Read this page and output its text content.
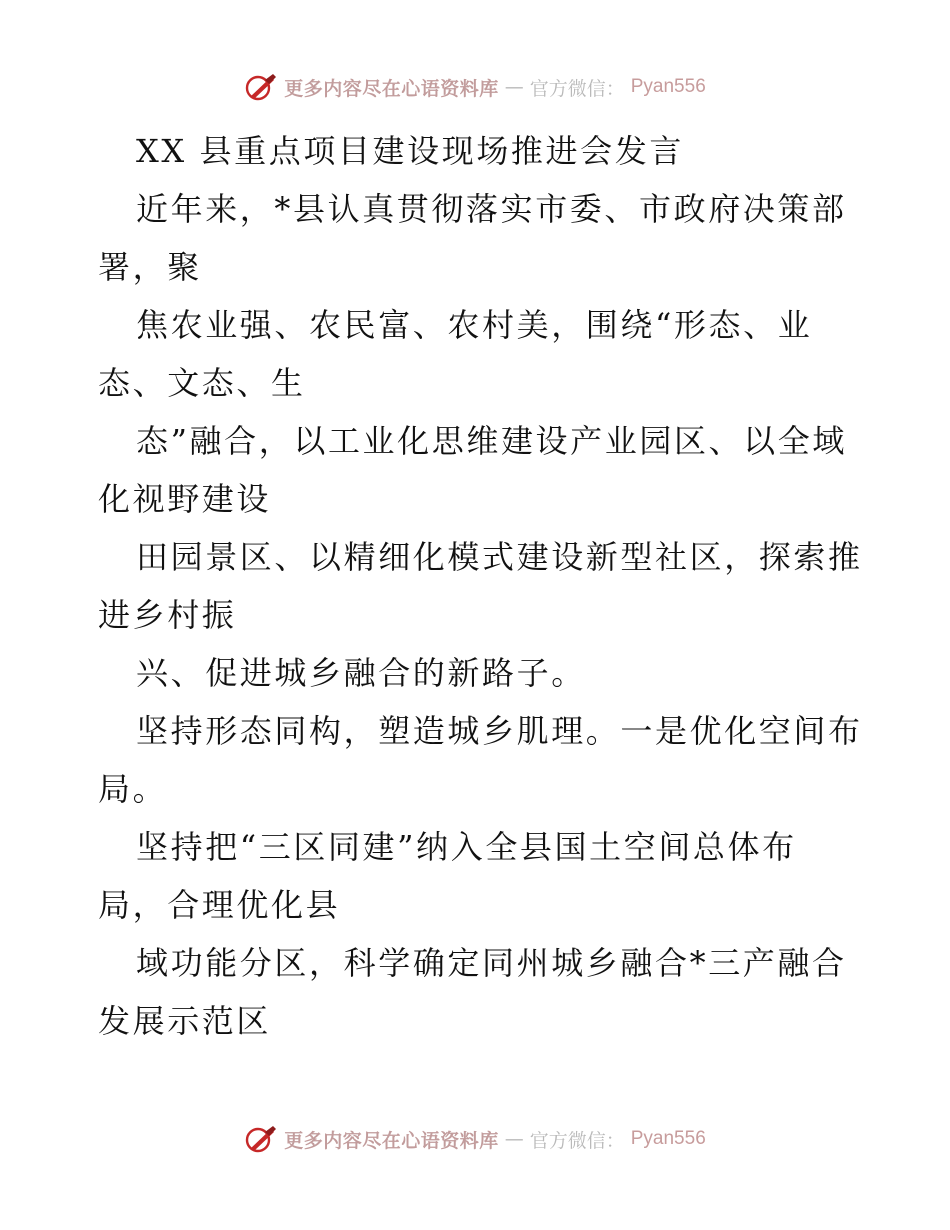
更多内容尽在心语资料库 — 官方微信： Pyan556
XX 县重点项目建设现场推进会发言
近年来，*县认真贯彻落实市委、市政府决策部
署，聚
焦农业强、农民富、农村美，围绕“形态、业
态、文态、生
态”融合，以工业化思维建设产业园区、以全域
化视野建设
田园景区、以精细化模式建设新型社区，探索推
进乡村振
兴、促进城乡融合的新路子。
坚持形态同构，塑造城乡肌理。一是优化空间布
局。
坚持把“三区同建”纳入全县国土空间总体布
局，合理优化县
域功能分区，科学确定同州城乡融合*三产融合
发展示范区
更多内容尽在心语资料库 — 官方微信： Pyan556
